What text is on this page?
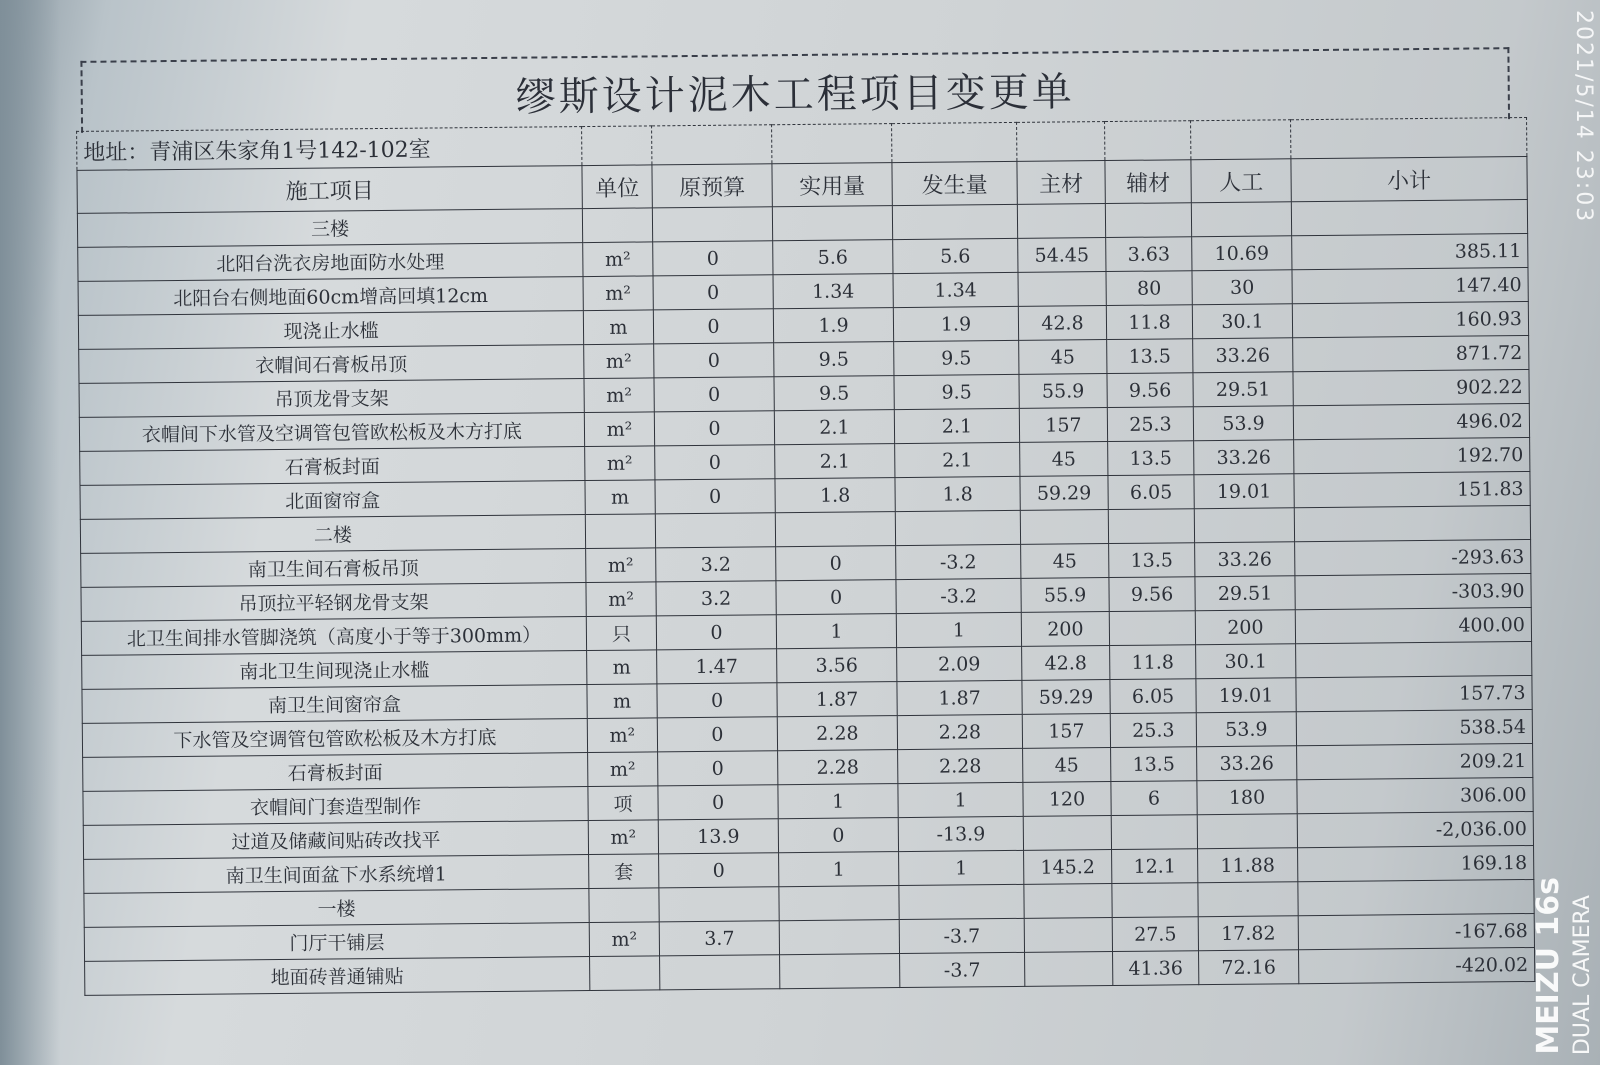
缪斯设计泥木工程项目变更单
地址：青浦区朱家角1号142-102室								
施工项目	单位	原预算	实用量	发生量	主材	辅材	人工	小计
三楼								
北阳台洗衣房地面防水处理	m²	0	5.6	5.6	54.45	3.63	10.69	385.11
北阳台右侧地面60cm增高回填12cm	m²	0	1.34	1.34		80	30	147.40
现浇止水槛	m	0	1.9	1.9	42.8	11.8	30.1	160.93
衣帽间石膏板吊顶	m²	0	9.5	9.5	45	13.5	33.26	871.72
吊顶龙骨支架	m²	0	9.5	9.5	55.9	9.56	29.51	902.22
衣帽间下水管及空调管包管欧松板及木方打底	m²	0	2.1	2.1	157	25.3	53.9	496.02
石膏板封面	m²	0	2.1	2.1	45	13.5	33.26	192.70
北面窗帘盒	m	0	1.8	1.8	59.29	6.05	19.01	151.83
二楼								
南卫生间石膏板吊顶	m²	3.2	0	-3.2	45	13.5	33.26	-293.63
吊顶拉平轻钢龙骨支架	m²	3.2	0	-3.2	55.9	9.56	29.51	-303.90
北卫生间排水管脚浇筑（高度小于等于300mm）	只	0	1	1	200		200	400.00
南北卫生间现浇止水槛	m	1.47	3.56	2.09	42.8	11.8	30.1	
南卫生间窗帘盒	m	0	1.87	1.87	59.29	6.05	19.01	157.73
下水管及空调管包管欧松板及木方打底	m²	0	2.28	2.28	157	25.3	53.9	538.54
石膏板封面	m²	0	2.28	2.28	45	13.5	33.26	209.21
衣帽间门套造型制作	项	0	1	1	120	6	180	306.00
过道及储藏间贴砖改找平	m²	13.9	0	-13.9				-2,036.00
南卫生间面盆下水系统增1	套	0	1	1	145.2	12.1	11.88	169.18
一楼								
门厅干铺层	m²	3.7		-3.7		27.5	17.82	-167.68
地面砖普通铺贴				-3.7		41.36	72.16	-420.02
2021/5/14 23:03
MEIZU 16s DUAL CAMERA
